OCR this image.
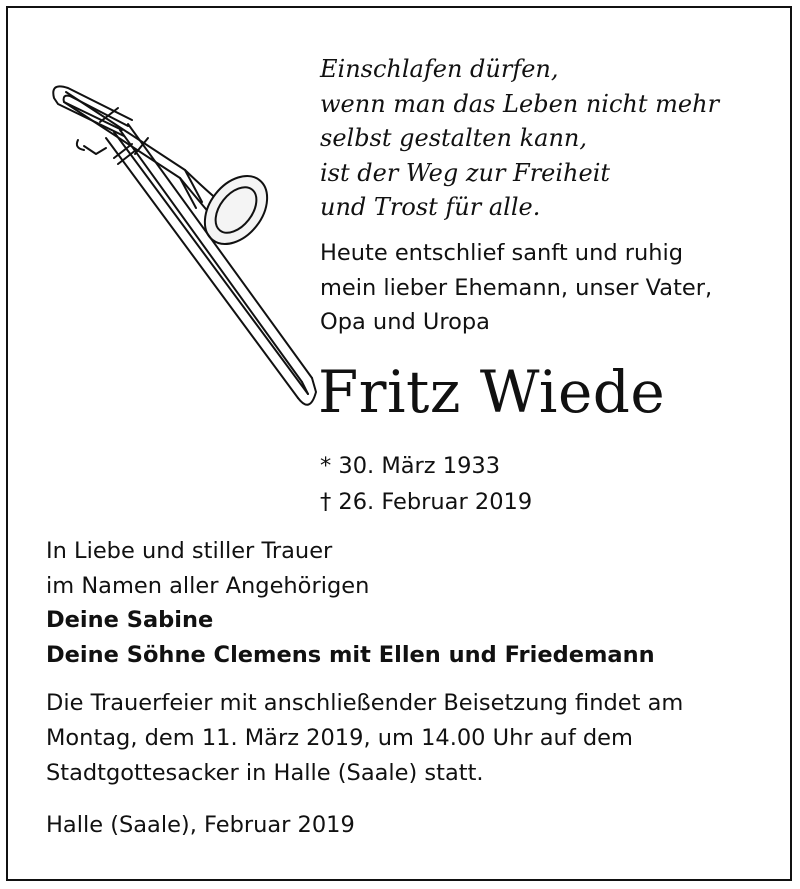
Einschlafen dürfen,
wenn man das Leben nicht mehr
selbst gestalten kann,
ist der Weg zur Freiheit
und Trost für alle.
Heute entschlief sanft und ruhig
mein lieber Ehemann, unser Vater,
Opa und Uropa
Fritz Wiede
* 30. März 1933
† 26. Februar 2019
In Liebe und stiller Trauer
im Namen aller Angehörigen
Deine Sabine
Deine Söhne Clemens mit Ellen und Friedemann
Die Trauerfeier mit anschließender Beisetzung findet am
Montag, dem 11. März 2019, um 14.00 Uhr auf dem
Stadtgottesacker in Halle (Saale) statt.
Halle (Saale), Februar 2019
